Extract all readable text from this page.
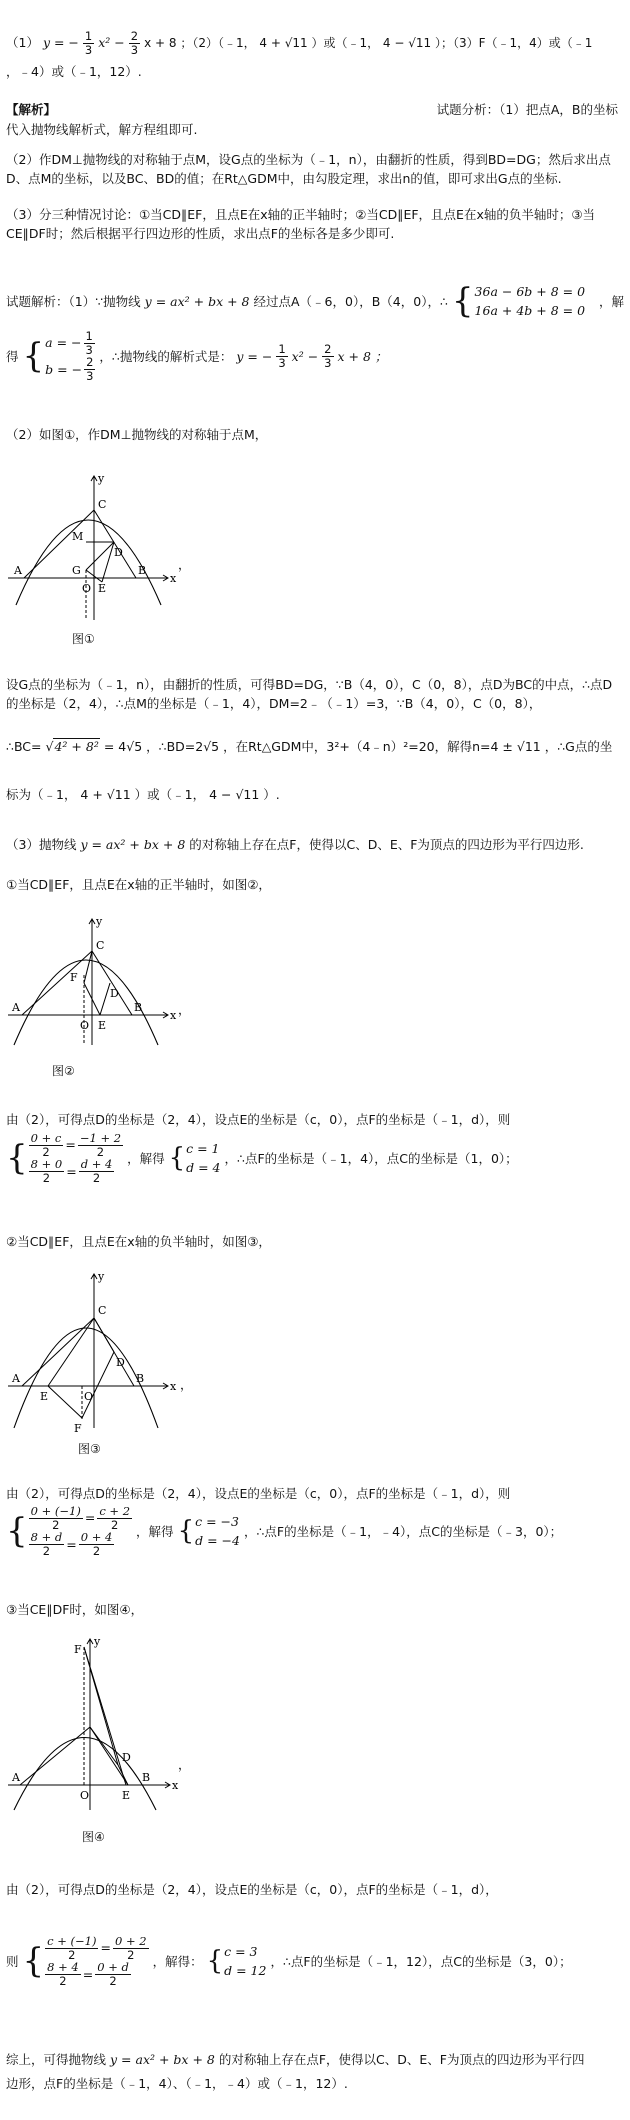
（1） y = − $\frac{1}{3} x^2 - \frac{2}{3}$ x + 8 ；（2）（﹣1， 4 + √11 ）或（﹣1， 4 − √11 ）；（3）F（﹣1，4）或（﹣1
，﹣4）或（﹣1，12）.
【解析】	试题分析：（1）把点A，B的坐标
代入抛物线解析式，解方程组即可.
（2）作DM⊥抛物线的对称轴于点M，设G点的坐标为（﹣1，n），由翻折的性质，得到BD=DG；然后求出点D、点M的坐标，以及BC、BD的值；在Rt△GDM中，由勾股定理，求出n的值，即可求出G点的坐标.
（3）分三种情况讨论：①当CD∥EF，且点E在x轴的正半轴时；②当CD∥EF，且点E在x轴的负半轴时；③当CE∥DF时；然后根据平行四边形的性质，求出点F的坐标各是多少即可.
试题解析：（1）∵抛物线 y = ax² + bx + 8 经过点A（﹣6，0），B（4，0），∴ { 36a − 6b + 8 = 0
16a + 4b + 8 = 0
，解
得 { a = − $\frac{1}{3}$
b = − $\frac{2}{3}$
，∴抛物线的解析式是： y = − $\frac{1}{3} x^2 - \frac{2}{3}$ x + 8 ；
（2）如图①，作DM⊥抛物线的对称轴于点M，
y
x
C
M
D
G
A
O E
B	，
图①
设G点的坐标为（﹣1，n），由翻折的性质，可得BD=DG，∵B（4，0），C（0，8），点D为BC的中点，∴点D的坐标是（2，4），∴点M的坐标是（﹣1，4），DM=2﹣（﹣1）=3，∵B（4，0），C（0，8），
∴BC= √4² + 8² = 4√5 ，∴BD=2√5 ，在Rt△GDM中，3²+（4﹣n）²=20，解得n=4 ± √11 ，∴G点的坐
标为（﹣1， 4 + √11 ）或（﹣1， 4 − √11 ）.
（3）抛物线 y = ax² + bx + 8 的对称轴上存在点F，使得以C、D、E、F为顶点的四边形为平行四边形.
①当CD∥EF，且点E在x轴的正半轴时，如图②，
y
x
C
F
D
A
O E
B	，
图②
由（2），可得点D的坐标是（2，4），设点E的坐标是（c，0），点F的坐标是（﹣1，d），则
{ $\frac{0 + c}{2} = \frac{-1 + 2}{2}$
$\frac{8 + 0}{2} = \frac{d + 4}{2}$
，解得 { c = 1
d = 4
，∴点F的坐标是（﹣1，4），点C的坐标是（1，0）；
②当CD∥EF，且点E在x轴的负半轴时，如图③，
y
x
C
D
A
E	O
B
F
，
图③
由（2），可得点D的坐标是（2，4），设点E的坐标是（c，0），点F的坐标是（﹣1，d），则
{ $\frac{0 + (-1)}{2} = \frac{c + 2}{2}$
$\frac{8 + d}{2} = \frac{0 + 4}{2}$
，解得 { c = −3
d = −4
，∴点F的坐标是（﹣1，﹣4），点C的坐标是（﹣3，0）；
③当CE∥DF时，如图④，
y
x
F
D
A
O	E
B
，
图④
由（2），可得点D的坐标是（2，4），设点E的坐标是（c，0），点F的坐标是（﹣1，d），
则 { $\frac{c + (-1)}{2} = \frac{0 + 2}{2}$
$\frac{8 + 4}{2} = \frac{0 + d}{2}$
，解得： { c = 3
d = 12
，∴点F的坐标是（﹣1，12），点C的坐标是（3，0）；
综上，可得抛物线 y = ax² + bx + 8 的对称轴上存在点F，使得以C、D、E、F为顶点的四边形为平行四
边形，点F的坐标是（﹣1，4）、（﹣1，﹣4）或（﹣1，12）.
